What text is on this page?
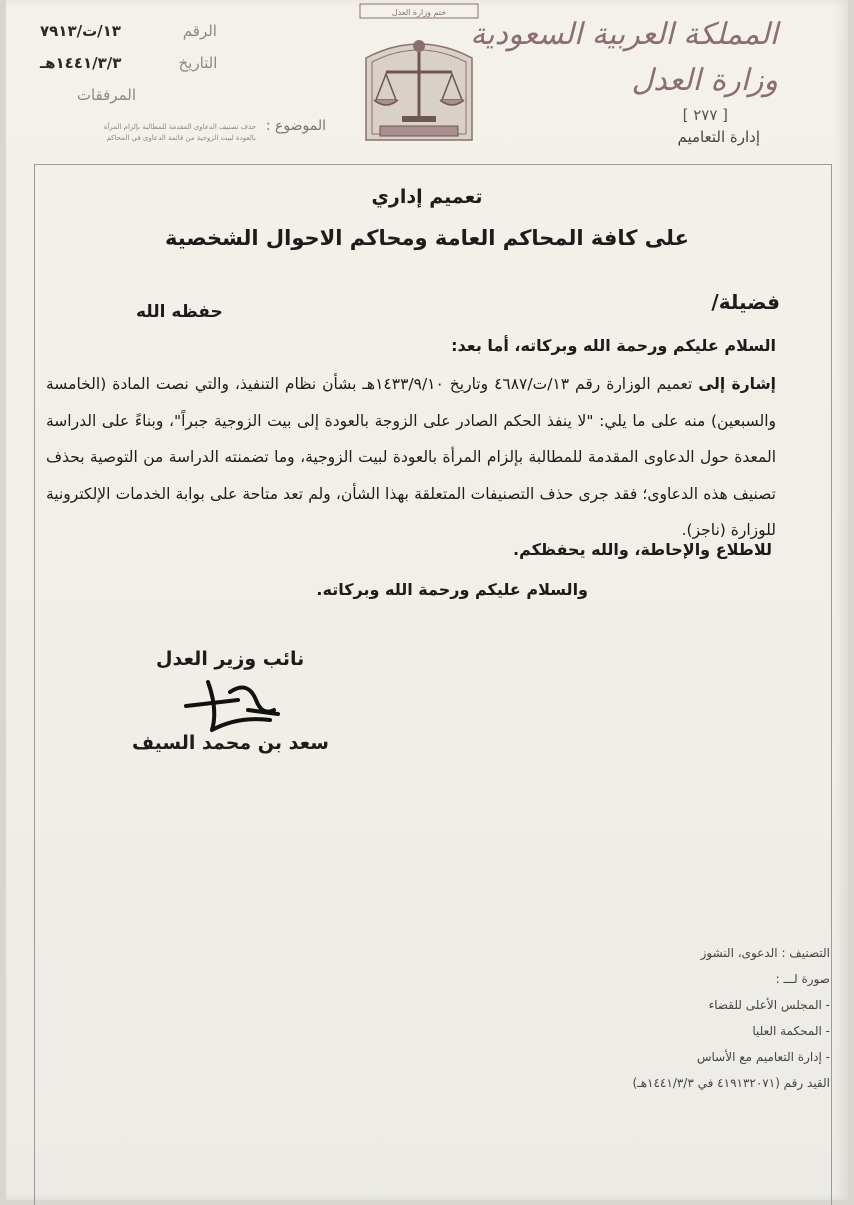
الرقم
١٣/ت/٧٩١٣
التاريخ
١٤٤١/٣/٣هـ
المرفقات
الموضوع :
حذف تصنيف الدعاوى المقدمة للمطالبة بإلزام المرأة
بالعودة لبيت الزوجية من قائمة الدعاوى في المحاكم
ختم وزارة العدل
المملكة العربية السعودية
وزارة العدل
[ ٢٧٧ ]
إدارة التعاميم
تعميم إداري
على كافة المحاكم العامة ومحاكم الاحوال الشخصية
فضيلة/
حفظه الله
السلام عليكم ورحمة الله وبركاته، أما بعد:

إشارة إلى تعميم الوزارة رقم ١٣/ت/٤٦٨٧ وتاريخ ١٤٣٣/٩/١٠هـ بشأن نظام التنفيذ، والتي نصت المادة (الخامسة والسبعين) منه على ما يلي: "لا ينفذ الحكم الصادر على الزوجة بالعودة إلى بيت الزوجية جبراً"، وبناءً على الدراسة المعدة حول الدعاوى المقدمة للمطالبة بإلزام المرأة بالعودة لبيت الزوجية، وما تضمنته الدراسة من التوصية بحذف تصنيف هذه الدعاوى؛ فقد جرى حذف التصنيفات المتعلقة بهذا الشأن، ولم تعد متاحة على بوابة الخدمات الإلكترونية للوزارة (ناجز).

للاطلاع والإحاطة، والله يحفظكم.
والسلام عليكم ورحمة الله وبركاته.
نائب وزير العدل
سعد بن محمد السيف
التصنيف : الدعوى، النشوز
صورة لـــ :
- المجلس الأعلى للقضاء
- المحكمة العليا
- إدارة التعاميم مع الأساس
القيد رقم (٤١٩١٣٢٠٧١ في ١٤٤١/٣/٣هـ)
